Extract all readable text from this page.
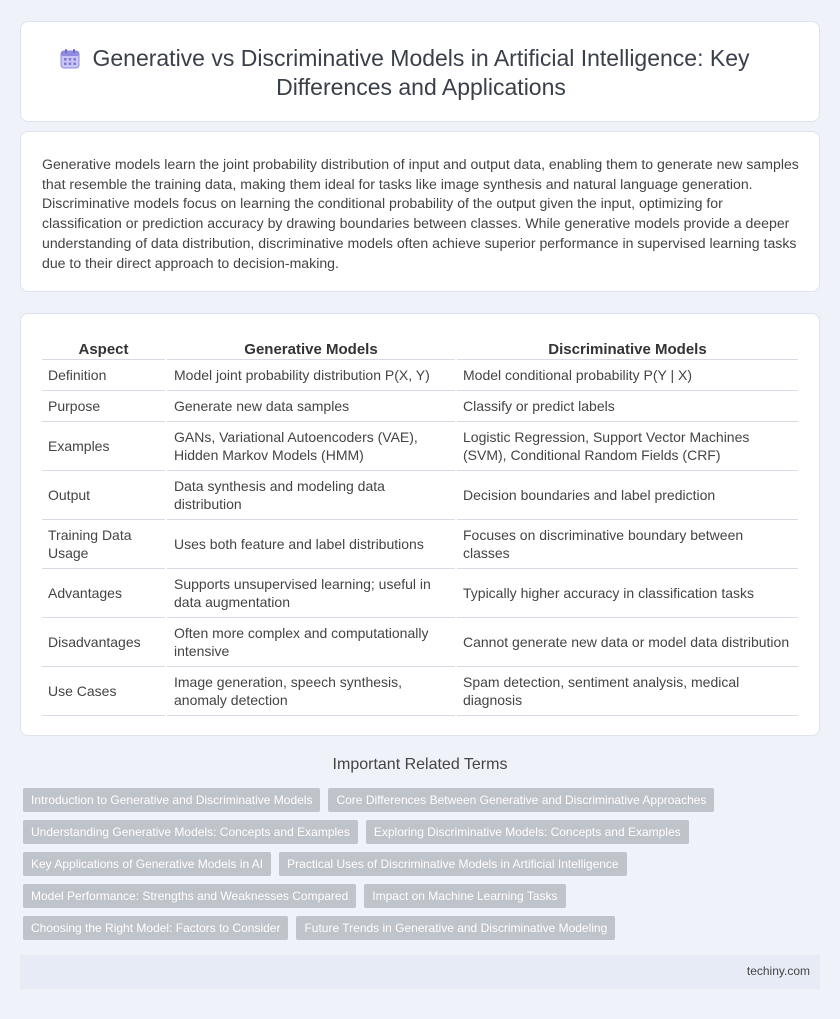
Generative vs Discriminative Models in Artificial Intelligence: Key
Differences and Applications

Generative models learn the joint probability distribution of input and output data, enabling them to generate new samples that resemble the training data, making them ideal for tasks like image synthesis and natural language generation. Discriminative models focus on learning the conditional probability of the output given the input, optimizing for classification or prediction accuracy by drawing boundaries between classes. While generative models provide a deeper understanding of data distribution, discriminative models often achieve superior performance in supervised learning tasks due to their direct approach to decision-making.

Aspect	Generative Models	Discriminative Models
Definition	Model joint probability distribution P(X, Y)	Model conditional probability P(Y | X)
Purpose	Generate new data samples	Classify or predict labels
Examples	GANs, Variational Autoencoders (VAE), Hidden Markov Models (HMM)	Logistic Regression, Support Vector Machines (SVM), Conditional Random Fields (CRF)
Output	Data synthesis and modeling data distribution	Decision boundaries and label prediction
Training Data Usage	Uses both feature and label distributions	Focuses on discriminative boundary between classes
Advantages	Supports unsupervised learning; useful in data augmentation	Typically higher accuracy in classification tasks
Disadvantages	Often more complex and computationally intensive	Cannot generate new data or model data distribution
Use Cases	Image generation, speech synthesis, anomaly detection	Spam detection, sentiment analysis, medical diagnosis
Important Related Terms
Introduction to Generative and Discriminative Models	Core Differences Between Generative and Discriminative Approaches
Understanding Generative Models: Concepts and Examples	Exploring Discriminative Models: Concepts and Examples
Key Applications of Generative Models in AI	Practical Uses of Discriminative Models in Artificial Intelligence
Model Performance: Strengths and Weaknesses Compared	Impact on Machine Learning Tasks
Choosing the Right Model: Factors to Consider	Future Trends in Generative and Discriminative Modeling
techiny.com
